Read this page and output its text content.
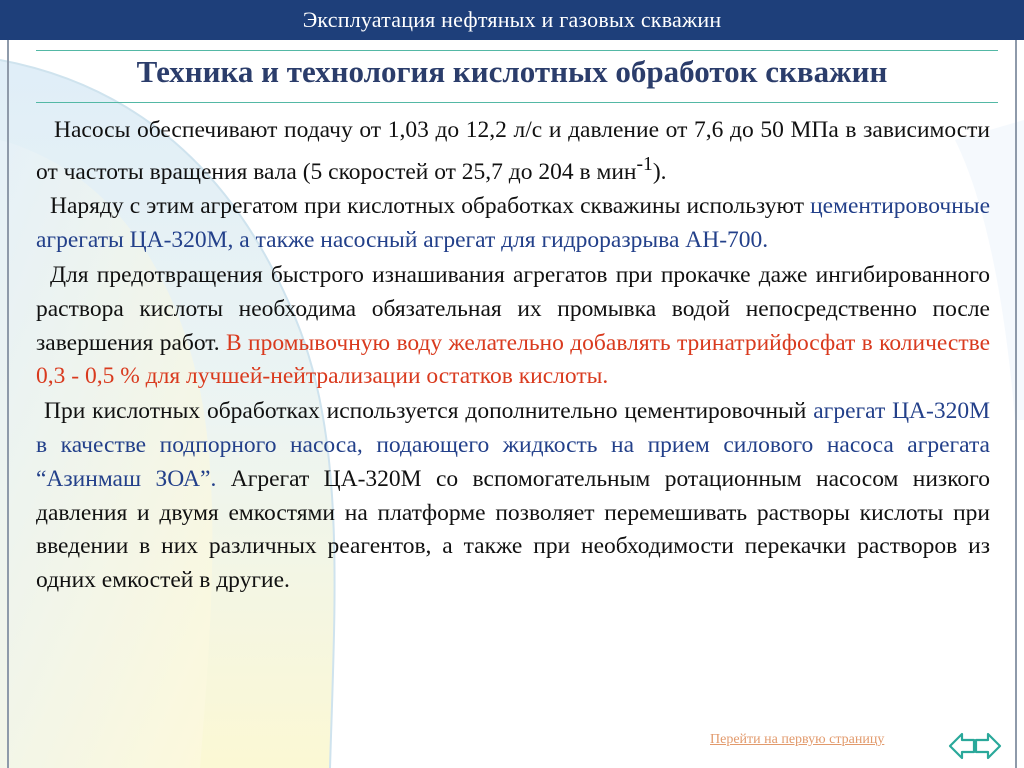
Эксплуатация нефтяных и газовых скважин
Техника и технология кислотных обработок скважин

Насосы обеспечивают подачу от 1,03 до 12,2 л/с и давление от 7,6 до 50 МПа в зависимости от частоты вращения вала (5 скоростей от 25,7 до 204 в мин$^{-1}$).

Наряду с этим агрегатом при кислотных обработках скважины используют цементировочные агрегаты ЦА-320М, а также насосный агрегат для гидроразрыва АН-700.

Для предотвращения быстрого изнашивания агрегатов при прокачке даже ингибированного раствора кислоты необходима обязательная их промывка водой непосредственно после завершения работ. В промывочную воду желательно добавлять тринатрийфосфат в количестве 0,3 - 0,5 % для лучшей-нейтрализации остатков кислоты.

При кислотных обработках используется дополнительно цементировочный агрегат ЦА-320М в качестве подпорного насоса, подающего жидкость на прием силового насоса агрегата “Азинмаш ЗОА”. Агрегат ЦА-320М со вспомогательным ротационным насосом низкого давления и двумя емкостями на платформе позволяет перемешивать растворы кислоты при введении в них различных реагентов, а также при необходимости перекачки растворов из одних емкостей в другие.

Перейти на первую страницу
